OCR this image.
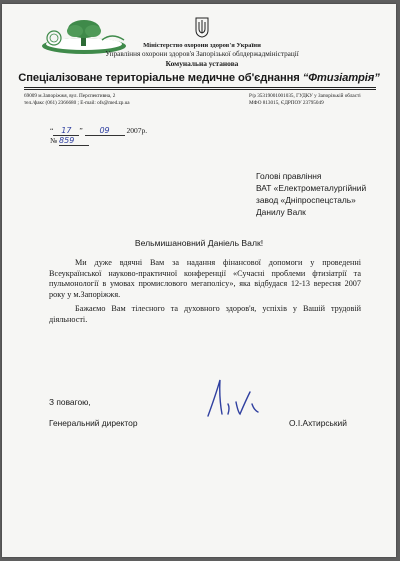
Міністерство охорони здоров'я України
Управління охорони здоров'я Запорізької облдержадміністрації
Комунальна установа
Спеціалізоване територіальне медичне об'єднання “Фтизіатрія”
69009 м.Запоріжжя, вул. Перспективна, 2
тел./факс (061) 2366680 ; E-mail: ofs@med.zp.ua
Р/р 35319001001035, ГУДКУ у Запорізькій області
МФО 813015, ЄДРПОУ 23795049
“ 17 ” 09 2007р.
№ 859
Голові правління
ВАТ «Електрометалургійний
завод «Дніпроспецсталь»
Данилу Валк
Вельмишановний Даніель Валк!

Ми дуже вдячні Вам за надання фінансової допомоги у проведенні Всеукраїнської науково-практичної конференції «Сучасні проблеми фтизіатрії та пульмонології в умовах промислового мегаполісу», яка відбудася 12-13 вересня 2007 року у м.Запоріжжя.

Бажаємо Вам тілесного та духовного здоров'я, успіхів у Вашій трудовій діяльності.

З повагою,
Генеральний директор	О.І.Ахтирський
